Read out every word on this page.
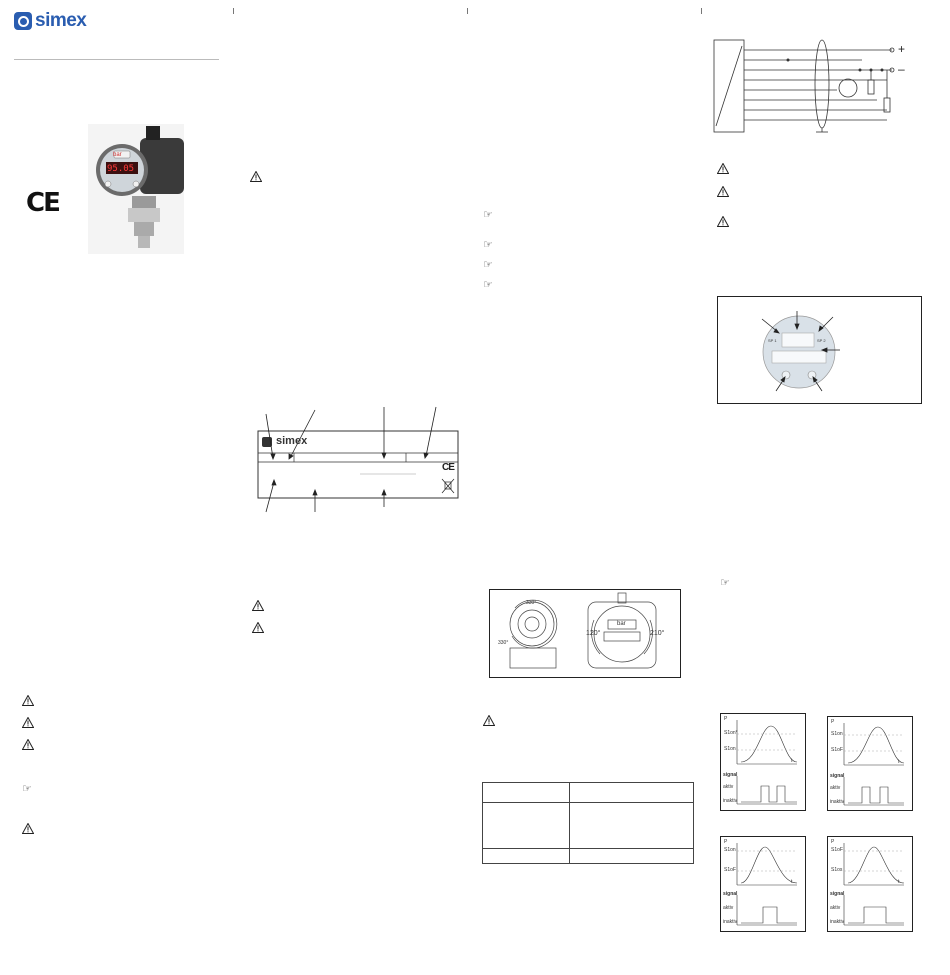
simex
CE
bar
95.05
☞
simex
CE
☞
☞
☞
☞
330°
330°
120°	210°
bar
+
–
SP 1	SP 2
☞
P
S1on*
S1on
t
signal
aktiv
inaktiv
P
S1on
S1oF
t
signal
aktiv
inaktiv
P
S1on
S1oF
t
signal
aktiv
inaktiv
P
S1oF
S1os
t
signal
aktiv
inaktiv
